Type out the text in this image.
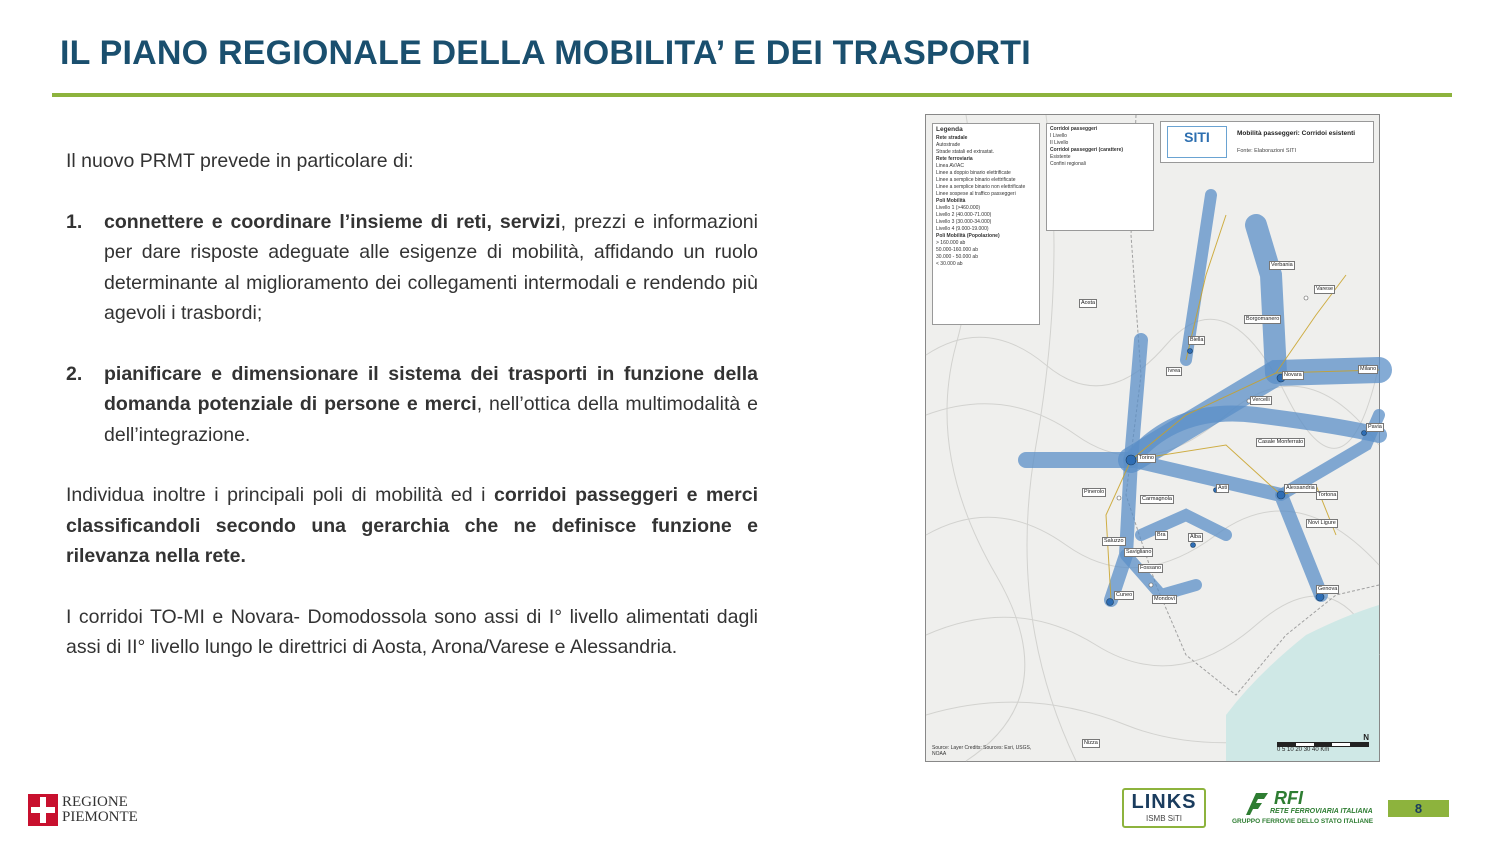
IL PIANO REGIONALE DELLA MOBILITA’ E DEI TRASPORTI

Il nuovo PRMT prevede in particolare di:

1.	connettere e coordinare l’insieme di reti, servizi, prezzi e informazioni per dare risposte adeguate alle esigenze di mobilità, affidando un ruolo determinante al miglioramento dei collegamenti intermodali e rendendo più agevoli i trasbordi;
2.	pianificare e dimensionare il sistema dei trasporti in funzione della domanda potenziale di persone e merci, nell’ottica della multimodalità e dell’integrazione.

Individua inoltre i principali poli di mobilità ed i corridoi passeggeri e merci classificandoli secondo una gerarchia che ne definisce funzione e rilevanza nella rete.

I corridoi TO-MI e Novara- Domodossola sono assi di I° livello alimentati dagli assi di II° livello lungo le direttrici di Aosta, Arona/Varese e Alessandria.

Legenda
Rete stradale
Autostrade
Strade statali ed extrastat.
Rete ferroviaria
Linea AV/AC
Linee a doppio binario elettrificate
Linee a semplice binario elettrificate
Linee a semplice binario non elettrificate
Linee sospese al traffico passeggeri
Poli Mobilità
Livello 1 (>460.000)
Livello 2 (40.000-71.000)
Livello 3 (30.000-34.000)
Livello 4 (9.000-19.000)
Poli Mobilità (Popolazione)
> 160.000 ab
50.000-160.000 ab
30.000 - 50.000 ab
< 30.000 ab
Corridoi passeggeri
I Livello
II Livello
Corridoi passeggeri (carattere)
Esistente
Confini regionali
SITI	Mobilità passeggeri: Corridoi esistenti
Fonte: Elaborazioni SITI
Aosta
Verbania
Varese
Biella
Borgomanero
Ivrea
Novara
Milano
Vercelli
Pavia
Casale Monferrato
Torino
Pinerolo
Asti	Alessandria
Tortona
Carmagnola
Novi Ligure
Saluzzo
Bra	Alba
Savigliano
Fossano
Genova
Cuneo
Mondovì
Nizza
Source: Layer Credits: Sources: Esri, USGS, NOAA
N
0 5 10 20 30 40 Km
REGIONE
PIEMONTE
LINKS
ISMB SiTI
RFI
RETE FERROVIARIA ITALIANA
GRUPPO FERROVIE DELLO STATO ITALIANE
8
